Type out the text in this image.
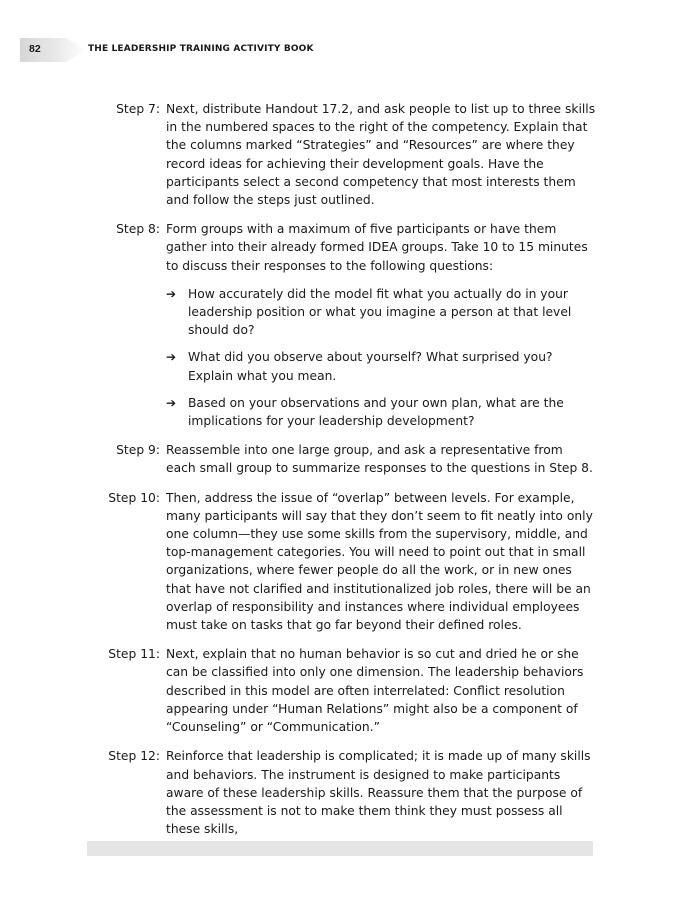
82	THE LEADERSHIP TRAINING ACTIVITY BOOK
Step 7: Next, distribute Handout 17.2, and ask people to list up to three skills in the numbered spaces to the right of the competency. Explain that the columns marked “Strategies” and “Resources” are where they record ideas for achieving their development goals. Have the participants select a second competency that most interests them and follow the steps just outlined.
Step 8: Form groups with a maximum of five participants or have them gather into their already formed IDEA groups. Take 10 to 15 minutes to discuss their responses to the following questions:
➔ How accurately did the model fit what you actually do in your leadership position or what you imagine a person at that level should do?
➔ What did you observe about yourself? What surprised you? Explain what you mean.
➔ Based on your observations and your own plan, what are the implications for your leadership development?
Step 9: Reassemble into one large group, and ask a representative from each small group to summarize responses to the questions in Step 8.
Step 10: Then, address the issue of “overlap” between levels. For example, many participants will say that they don’t seem to fit neatly into only one column—they use some skills from the supervisory, middle, and top-management categories. You will need to point out that in small organizations, where fewer people do all the work, or in new ones that have not clarified and institutionalized job roles, there will be an overlap of responsibility and instances where individual employees must take on tasks that go far beyond their defined roles.
Step 11: Next, explain that no human behavior is so cut and dried he or she can be classified into only one dimension. The leadership behaviors described in this model are often interrelated: Conflict resolution appearing under “Human Relations” might also be a component of “Counseling” or “Communication.”
Step 12: Reinforce that leadership is complicated; it is made up of many skills and behaviors. The instrument is designed to make participants aware of these leadership skills. Reassure them that the purpose of the assessment is not to make them think they must possess all these skills,
